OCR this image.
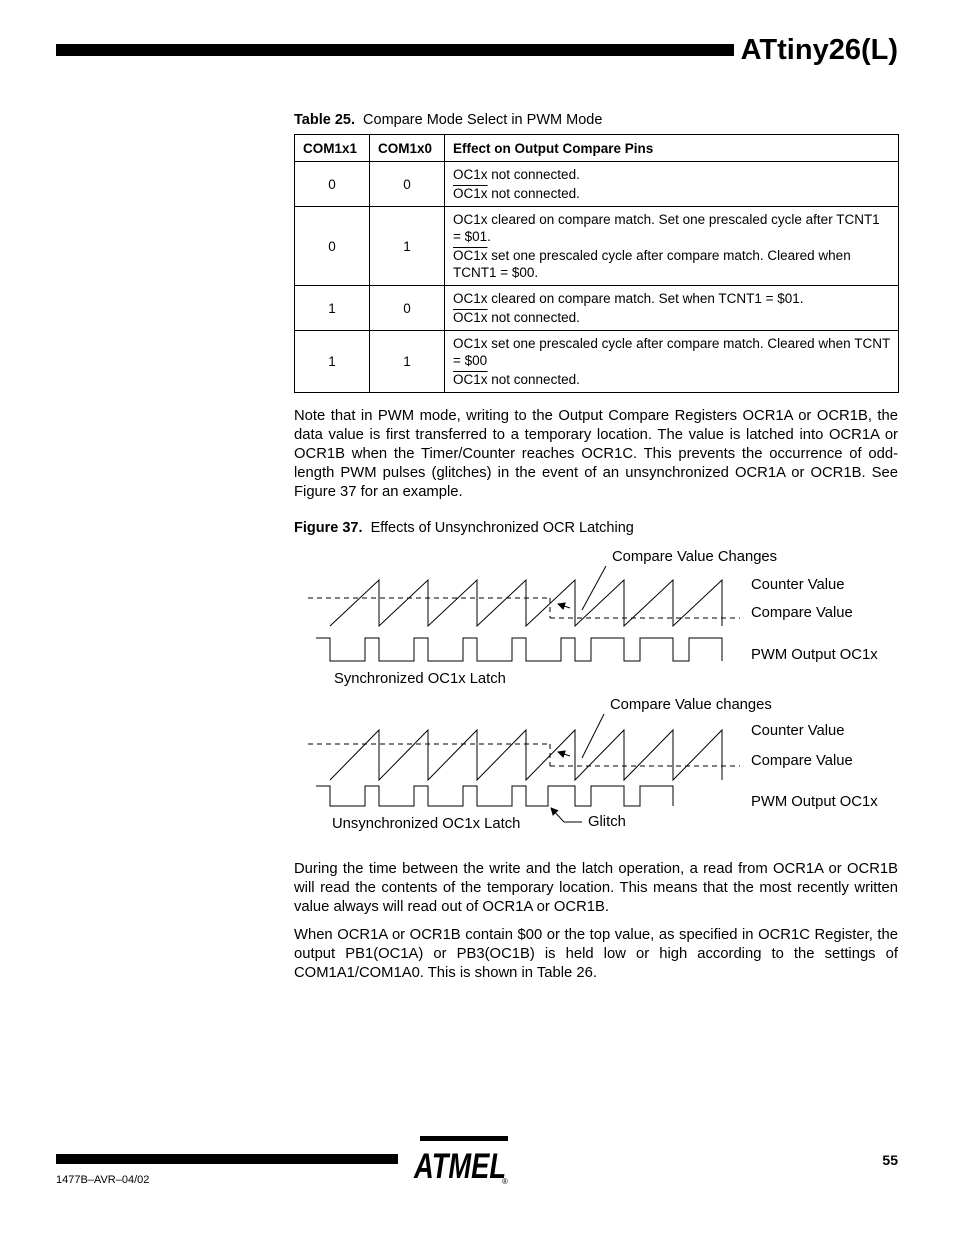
ATtiny26(L)
Table 25. Compare Mode Select in PWM Mode
COM1x1	COM1x0	Effect on Output Compare Pins
0	0	OC1x not connected.
OC1x not connected.

0	1	OC1x cleared on compare match. Set one prescaled cycle after TCNT1 = $01.
OC1x set one prescaled cycle after compare match. Cleared when TCNT1 = $00.

1	0	OC1x cleared on compare match. Set when TCNT1 = $01.
OC1x not connected.

1	1	OC1x set one prescaled cycle after compare match. Cleared when TCNT = $00
OC1x not connected.
Note that in PWM mode, writing to the Output Compare Registers OCR1A or OCR1B, the data value is first transferred to a temporary location. The value is latched into OCR1A or OCR1B when the Timer/Counter reaches OCR1C. This prevents the occurrence of odd-length PWM pulses (glitches) in the event of an unsynchronized OCR1A or OCR1B. See Figure 37 for an example.
Figure 37. Effects of Unsynchronized OCR Latching
Compare Value Changes
Counter Value
Compare Value
PWM Output OC1x
Synchronized OC1x Latch
Compare Value changes
Counter Value
Compare Value
PWM Output OC1x
Unsynchronized OC1x Latch	Glitch
During the time between the write and the latch operation, a read from OCR1A or OCR1B will read the contents of the temporary location. This means that the most recently written value always will read out of OCR1A or OCR1B.
When OCR1A or OCR1B contain $00 or the top value, as specified in OCR1C Register, the output PB1(OC1A) or PB3(OC1B) is held low or high according to the settings of COM1A1/COM1A0. This is shown in Table 26.
1477B–AVR–04/02
55
ATMEL
®
